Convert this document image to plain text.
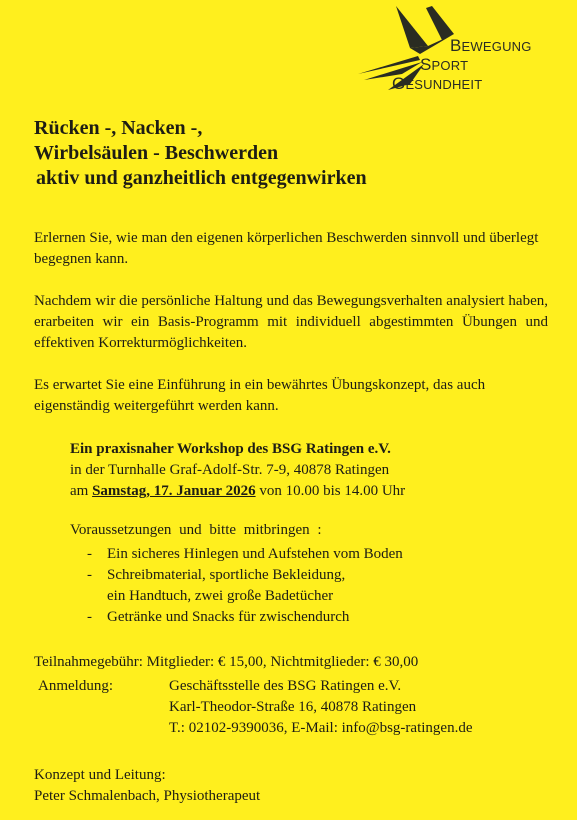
BEWEGUNG
SPORT
GESUNDHEIT
Rücken -, Nacken -,
Wirbelsäulen - Beschwerden
aktiv und ganzheitlich entgegenwirken
Erlernen Sie, wie man den eigenen körperlichen Beschwerden sinnvoll und überlegt begegnen kann.
Nachdem wir die persönliche Haltung und das Bewegungsverhalten analysiert haben, erarbeiten wir ein Basis-Programm mit individuell abgestimmten Übungen und effektiven Korrekturmöglichkeiten.
Es erwartet Sie eine Einführung in ein bewährtes Übungskonzept, das auch eigenständig weitergeführt werden kann.
Ein praxisnaher Workshop des BSG Ratingen e.V.
in der Turnhalle Graf-Adolf-Str. 7-9, 40878 Ratingen
am Samstag, 17. Januar 2026 von 10.00 bis 14.00 Uhr
Voraussetzungen und bitte mitbringen :
-	Ein sicheres Hinlegen und Aufstehen vom Boden
-	Schreibmaterial, sportliche Bekleidung,
ein Handtuch, zwei große Badetücher
-	Getränke und Snacks für zwischendurch
Teilnahmegebühr: Mitglieder: € 15,00, Nichtmitglieder: € 30,00
Anmeldung:	Geschäftsstelle des BSG Ratingen e.V.
Karl-Theodor-Straße 16, 40878 Ratingen
T.: 02102-9390036, E-Mail: info@bsg-ratingen.de
Konzept und Leitung:
Peter Schmalenbach, Physiotherapeut
